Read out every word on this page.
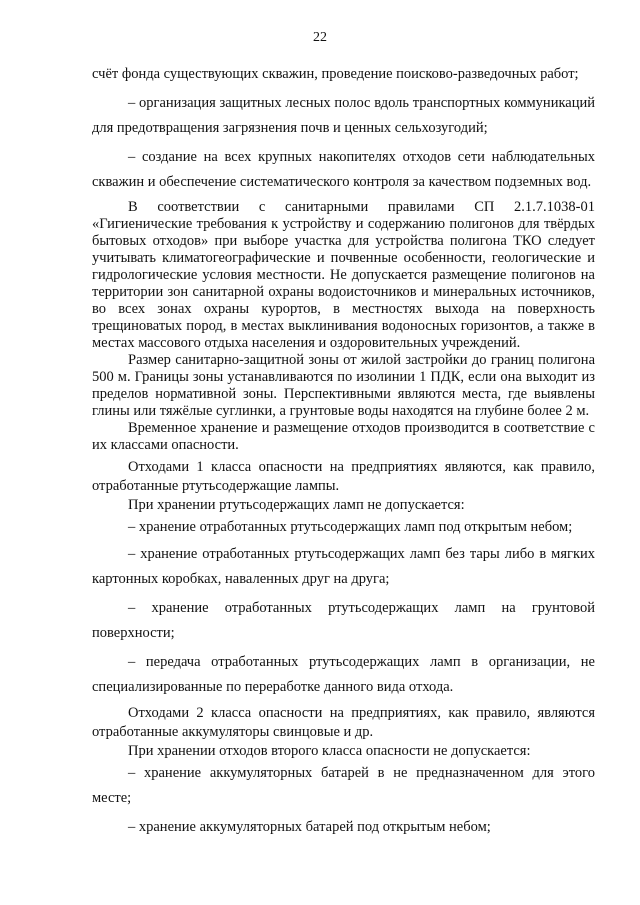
22

счёт фонда существующих скважин, проведение поисково-разведочных работ;

– организация защитных лесных полос вдоль транспортных коммуникаций для предотвращения загрязнения почв и ценных сельхозугодий;

– создание на всех крупных накопителях отходов сети наблюдательных скважин и обеспечение систематического контроля за качеством подземных вод.

В соответствии с санитарными правилами СП 2.1.7.1038-01 «Гигиенические требования к устройству и содержанию полигонов для твёрдых бытовых отходов» при выборе участка для устройства полигона ТКО следует учитывать климатогеографические и почвенные особенности, геологические и гидрологические условия местности. Не допускается размещение полигонов на территории зон санитарной охраны водоисточников и минеральных источников, во всех зонах охраны курортов, в местностях выхода на поверхность трещиноватых пород, в местах выклинивания водоносных горизонтов, а также в местах массового отдыха населения и оздоровительных учреждений.

Размер санитарно-защитной зоны от жилой застройки до границ полигона 500 м. Границы зоны устанавливаются по изолинии 1 ПДК, если она выходит из пределов нормативной зоны. Перспективными являются места, где выявлены глины или тяжёлые суглинки, а грунтовые воды находятся на глубине более 2 м.

Временное хранение и размещение отходов производится в соответствие с их классами опасности.

Отходами 1 класса опасности на предприятиях являются, как правило, отработанные ртутьсодержащие лампы.

При хранении ртутьсодержащих ламп не допускается:

– хранение отработанных ртутьсодержащих ламп под открытым небом;

– хранение отработанных ртутьсодержащих ламп без тары либо в мягких картонных коробках, наваленных друг на друга;

– хранение отработанных ртутьсодержащих ламп на грунтовой поверхности;

– передача отработанных ртутьсодержащих ламп в организации, не специализированные по переработке данного вида отхода.

Отходами 2 класса опасности на предприятиях, как правило, являются отработанные аккумуляторы свинцовые и др.

При хранении отходов второго класса опасности не допускается:

– хранение аккумуляторных батарей в не предназначенном для этого месте;

– хранение аккумуляторных батарей под открытым небом;
